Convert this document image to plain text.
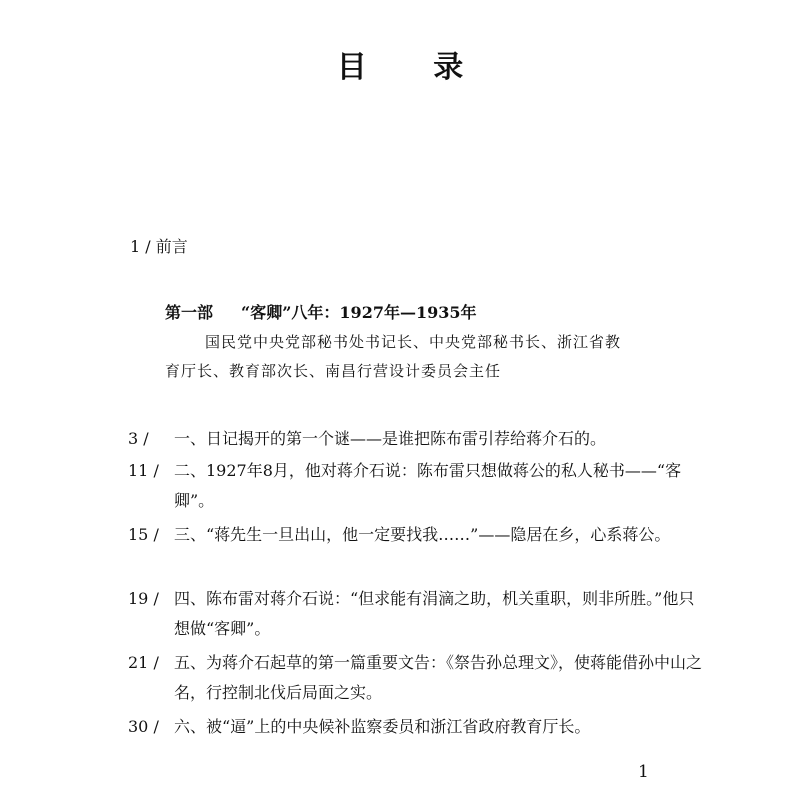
目 录
1 / 前言
第一部 “客卿”八年：1927年—1935年
国民党中央党部秘书处书记长、中央党部秘书长、浙江省教育厅长、教育部次长、南昌行营设计委员会主任
3 / 一、日记揭开的第一个谜——是谁把陈布雷引荐给蒋介石的。
11 / 二、1927年8月，他对蒋介石说：陈布雷只想做蒋公的私人秘书——“客卿”。
15 / 三、“蒋先生一旦出山，他一定要找我……”——隐居在乡，心系蒋公。
19 / 四、陈布雷对蒋介石说：“但求能有涓滴之助，机关重职，则非所胜。”他只想做“客卿”。
21 / 五、为蒋介石起草的第一篇重要文告：《祭告孙总理文》，使蒋能借孙中山之名，行控制北伐后局面之实。
30 / 六、被“逼”上的中央候补监察委员和浙江省政府教育厅长。
1
